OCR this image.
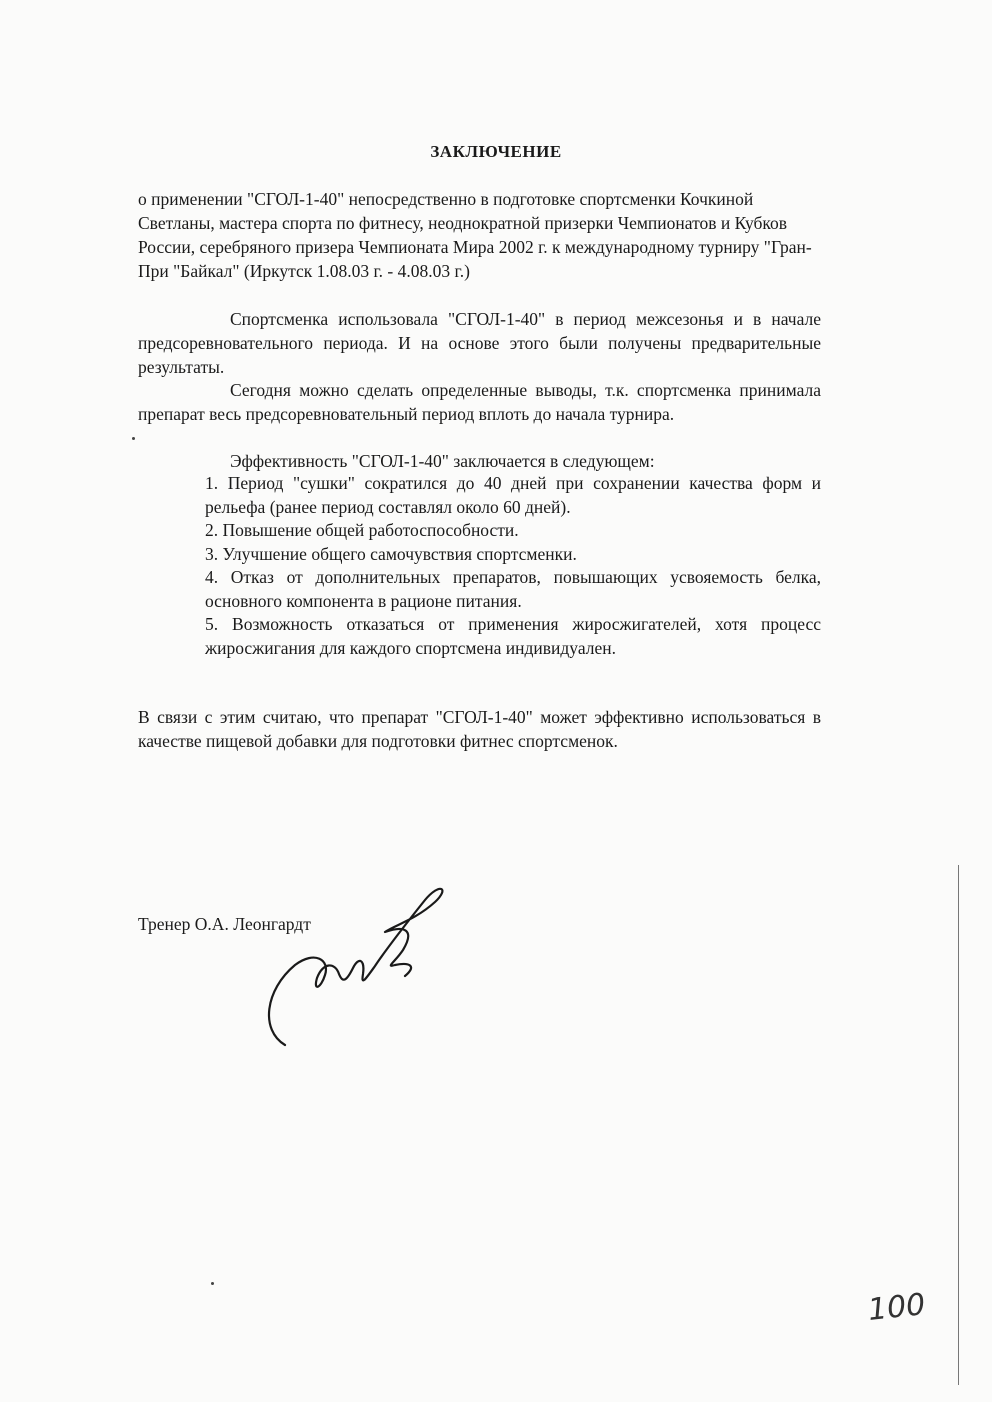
ЗАКЛЮЧЕНИЕ
о применении "СГОЛ-1-40" непосредственно в подготовке спортсменки Кочкиной Светланы, мастера спорта по фитнесу, неоднократной призерки Чемпионатов и Кубков России, серебряного призера Чемпионата Мира 2002 г. к международному турниру "Гран-При "Байкал" (Иркутск 1.08.03 г. - 4.08.03 г.)

Спортсменка использовала "СГОЛ-1-40" в период межсезонья и в начале предсоревновательного периода. И на основе этого были получены предварительные результаты.

Сегодня можно сделать определенные выводы, т.к. спортсменка принимала препарат весь предсоревновательный период вплоть до начала турнира.

Эффективность "СГОЛ-1-40" заключается в следующем:

1. Период "сушки" сократился до 40 дней при сохранении качества форм и рельефа (ранее период составлял около 60 дней).
2. Повышение общей работоспособности.
3. Улучшение общего самочувствия спортсменки.
4. Отказ от дополнительных препаратов, повышающих усвояемость белка, основного компонента в рационе питания.
5. Возможность отказаться от применения жиросжигателей, хотя процесс жиросжигания для каждого спортсмена индивидуален.
В связи с этим считаю, что препарат "СГОЛ-1-40" может эффективно использоваться в качестве пищевой добавки для подготовки фитнес спортсменок.
Тренер О.А. Леонгардт
100
